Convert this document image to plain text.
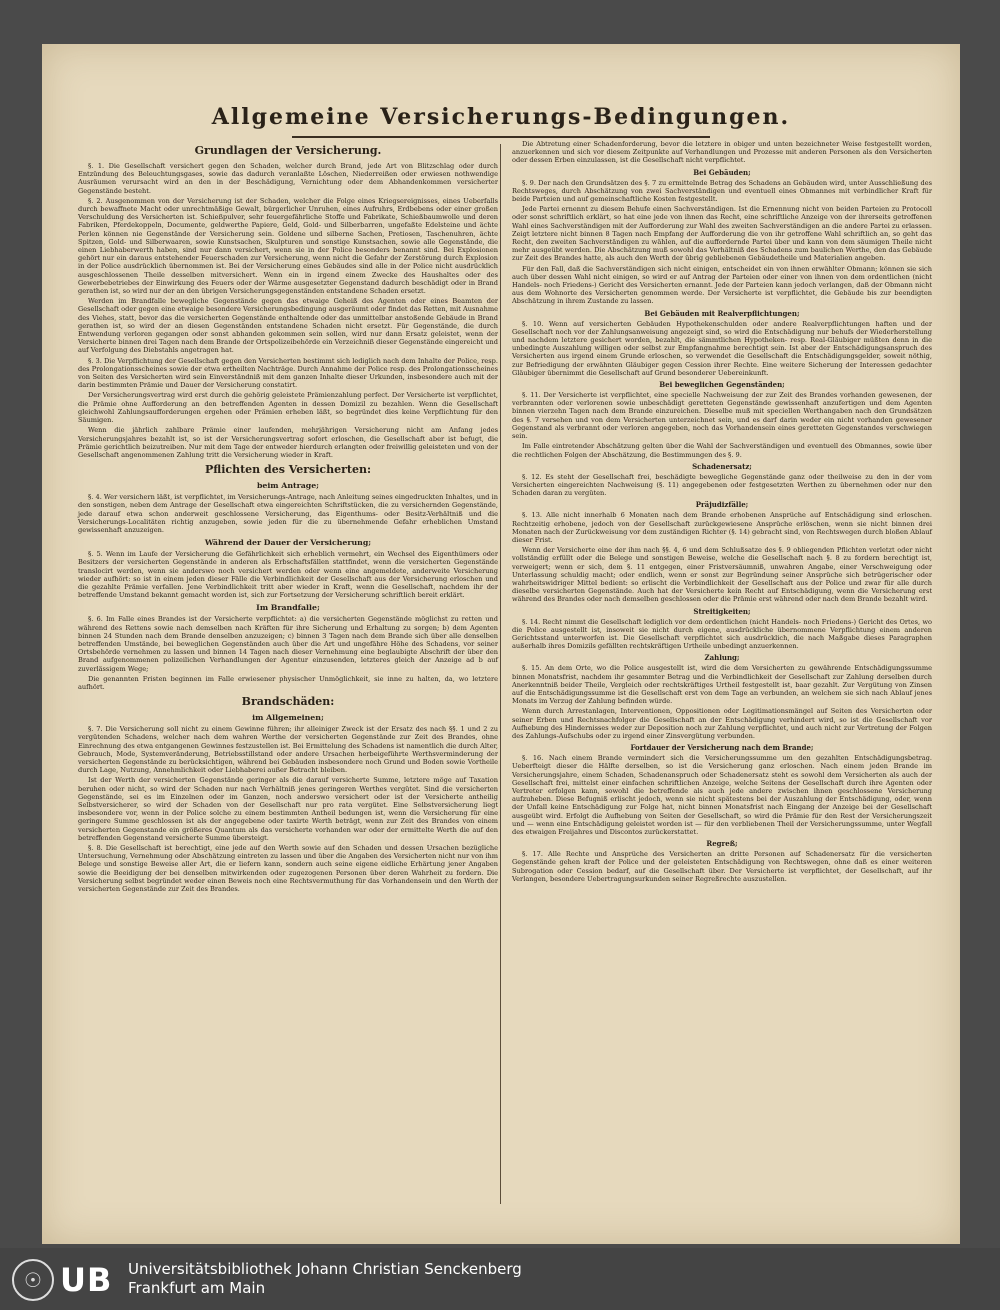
Allgemeine Versicherungs-Bedingungen.
Grundlagen der Versicherung.
§. 1. Die Gesellschaft versichert gegen den Schaden, welcher durch Brand, jede Art von Blitzschlag oder durch Entzündung des Beleuchtungsgases, sowie das dadurch veranlaßte Löschen, Niederreißen oder erwiesen nothwendige Ausräumen verursacht wird an den in der Beschädigung, Vernichtung oder dem Abhandenkommen versicherter Gegenstände besteht.
§. 2. Ausgenommen von der Versicherung ist der Schaden, welcher die Folge eines Kriegsereignisses, eines Ueberfalls durch bewaffnete Macht oder unrechtmäßige Gewalt, bürgerlicher Unruhen, eines Aufruhrs, Erdbebens oder einer großen Verschuldung des Versicherten ist. Schießpulver, sehr feuergefährliche Stoffe und Fabrikate, Schießbaumwolle und deren Fabriken, Pferdekoppeln, Documente, geldwerthe Papiere, Geld, Gold- und Silberbarren, ungefaßte Edelsteine und ächte Perlen können nie Gegenstände der Versicherung sein. Goldene und silberne Sachen, Pretiosen, Taschenuhren, ächte Spitzen, Gold- und Silberwaaren, sowie Kunstsachen, Skulpturen und sonstige Kunstsachen, sowie alle Gegenstände, die einen Liebhaberwerth haben, sind nur dann versichert, wenn sie in der Police besonders benannt sind. Bei Explosionen gehört nur ein daraus entstehender Feuerschaden zur Versicherung, wenn nicht die Gefahr der Zerstörung durch Explosion in der Police ausdrücklich übernommen ist. Bei der Versicherung eines Gebäudes sind alle in der Police nicht ausdrücklich ausgeschlossenen Theile desselben mitversichert. Wenn ein in irgend einem Zwecke des Haushaltes oder des Gewerbebetriebes der Einwirkung des Feuers oder der Wärme ausgesetzter Gegenstand dadurch beschädigt oder in Brand gerathen ist, so wird nur der an den übrigen Versicherungsgegenständen entstandene Schaden ersetzt.
Werden im Brandfalle bewegliche Gegenstände gegen das etwaige Geheiß des Agenten oder eines Beamten der Gesellschaft oder gegen eine etwaige besondere Versicherungsbedingung ausgeräumt oder findet das Retten, mit Ausnahme des Viehes, statt, bevor das die versicherten Gegenstände enthaltende oder das unmittelbar anstoßende Gebäude in Brand gerathen ist, so wird der an diesen Gegenständen entstandene Schaden nicht ersetzt. Für Gegenstände, die durch Entwendung verloren gegangen oder sonst abhanden gekommen sein sollen, wird nur dann Ersatz geleistet, wenn der Versicherte binnen drei Tagen nach dem Brande der Ortspolizeibehörde ein Verzeichniß dieser Gegenstände eingereicht und auf Verfolgung des Diebstahls angetragen hat.
§. 3. Die Verpflichtung der Gesellschaft gegen den Versicherten bestimmt sich lediglich nach dem Inhalte der Police, resp. des Prolongationsscheines sowie der etwa ertheilten Nachträge. Durch Annahme der Police resp. des Prolongationsscheines von Seiten des Versicherten wird sein Einverständniß mit dem ganzen Inhalte dieser Urkunden, insbesondere auch mit der darin bestimmten Prämie und Dauer der Versicherung constatirt.
Der Versicherungsvertrag wird erst durch die gehörig geleistete Prämienzahlung perfect. Der Versicherte ist verpflichtet, die Prämie ohne Aufforderung an den betreffenden Agenten in dessen Domizil zu bezahlen. Wenn die Gesellschaft gleichwohl Zahlungsaufforderungen ergehen oder Prämien erheben läßt, so begründet dies keine Verpflichtung für den Säumigen.
Wenn die jährlich zahlbare Prämie einer laufenden, mehrjährigen Versicherung nicht am Anfang jedes Versicherungsjahres bezahlt ist, so ist der Versicherungsvertrag sofort erloschen, die Gesellschaft aber ist befugt, die Prämie gerichtlich beizutreiben. Nur mit dem Tage der entweder hierdurch erlangten oder freiwillig geleisteten und von der Gesellschaft angenommenen Zahlung tritt die Versicherung wieder in Kraft.
Pflichten des Versicherten:
beim Antrage;
§. 4. Wer versichern läßt, ist verpflichtet, im Versicherungs-Antrage, nach Anleitung seines eingedruckten Inhaltes, und in den sonstigen, neben dem Antrage der Gesellschaft etwa eingereichten Schriftstücken, die zu versichernden Gegenstände, jede darauf etwa schon anderweit geschlossene Versicherung, das Eigenthums- oder Besitz-Verhältniß und die Versicherungs-Localitäten richtig anzugeben, sowie jeden für die zu übernehmende Gefahr erheblichen Umstand gewissenhaft anzuzeigen.
Während der Dauer der Versicherung;
§. 5. Wenn im Laufe der Versicherung die Gefährlichkeit sich erheblich vermehrt, ein Wechsel des Eigenthümers oder Besitzers der versicherten Gegenstände in anderen als Erbschaftsfällen stattfindet, wenn die versicherten Gegenstände translocirt werden, wenn sie anderswo noch versichert werden oder wenn eine angemeldete, anderweite Versicherung wieder aufhört: so ist in einem jeden dieser Fälle die Verbindlichkeit der Gesellschaft aus der Versicherung erloschen und die gezahlte Prämie verfallen. Jene Verbindlichkeit tritt aber wieder in Kraft, wenn die Gesellschaft, nachdem ihr der betreffende Umstand bekannt gemacht worden ist, sich zur Fortsetzung der Versicherung schriftlich bereit erklärt.
Im Brandfalle;
§. 6. Im Falle eines Brandes ist der Versicherte verpflichtet: a) die versicherten Gegenstände möglichst zu retten und während des Rettens sowie nach demselben nach Kräften für ihre Sicherung und Erhaltung zu sorgen; b) dem Agenten binnen 24 Stunden nach dem Brande denselben anzuzeigen; c) binnen 3 Tagen nach dem Brande sich über alle denselben betreffenden Umstände, bei beweglichen Gegenständen auch über die Art und ungefähre Höhe des Schadens, vor seiner Ortsbehörde vernehmen zu lassen und binnen 14 Tagen nach dieser Vernehmung eine beglaubigte Abschrift der über den Brand aufgenommenen polizeilichen Verhandlungen der Agentur einzusenden, letzteres gleich der Anzeige ad b auf zuverlässigem Wege;
Die genannten Fristen beginnen im Falle erwiesener physischer Unmöglichkeit, sie inne zu halten, da, wo letztere aufhört.
Brandschäden:
im Allgemeinen;
§. 7. Die Versicherung soll nicht zu einem Gewinne führen; ihr alleiniger Zweck ist der Ersatz des nach §§. 1 und 2 zu vergütenden Schadens, welcher nach dem wahren Werthe der versicherten Gegenstände zur Zeit des Brandes, ohne Einrechnung des etwa entgangenen Gewinnes festzustellen ist. Bei Ermittelung des Schadens ist namentlich die durch Alter, Gebrauch, Mode, Systemveränderung, Betriebsstillstand oder andere Ursachen herbeigeführte Werthsverminderung der versicherten Gegenstände zu berücksichtigen, während bei Gebäuden insbesondere noch Grund und Boden sowie Vortheile durch Lage, Nutzung, Annehmlichkeit oder Liebhaberei außer Betracht bleiben.
Ist der Werth der versicherten Gegenstände geringer als die darauf versicherte Summe, letztere möge auf Taxation beruhen oder nicht, so wird der Schaden nur nach Verhältniß jenes geringeren Werthes vergütet. Sind die versicherten Gegenstände, sei es im Einzelnen oder im Ganzen, noch anderswo versichert oder ist der Versicherte antheilig Selbstversicherer, so wird der Schaden von der Gesellschaft nur pro rata vergütet. Eine Selbstversicherung liegt insbesondere vor, wenn in der Police solche zu einem bestimmten Antheil bedungen ist, wenn die Versicherung für eine geringere Summe geschlossen ist als der angegebene oder taxirte Werth beträgt, wenn zur Zeit des Brandes von einem versicherten Gegenstande ein größeres Quantum als das versicherte vorhanden war oder der ermittelte Werth die auf den betreffenden Gegenstand versicherte Summe übersteigt.
§. 8. Die Gesellschaft ist berechtigt, eine jede auf den Werth sowie auf den Schaden und dessen Ursachen bezügliche Untersuchung, Vernehmung oder Abschätzung eintreten zu lassen und über die Angaben des Versicherten nicht nur von ihm Belege und sonstige Beweise aller Art, die er liefern kann, sondern auch seine eigene eidliche Erhärtung jener Angaben sowie die Beeidigung der bei denselben mitwirkenden oder zugezogenen Personen über deren Wahrheit zu fordern. Die Versicherung selbst begründet weder einen Beweis noch eine Rechtsvermuthung für das Vorhandensein und den Werth der versicherten Gegenstände zur Zeit des Brandes.
Die Abtretung einer Schadenforderung, bevor die letztere in obiger und unten bezeichneter Weise festgestellt worden, anzuerkennen und sich vor diesem Zeitpunkte auf Verhandlungen und Prozesse mit anderen Personen als den Versicherten oder dessen Erben einzulassen, ist die Gesellschaft nicht verpflichtet.
Bei Gebäuden;
§. 9. Der nach den Grundsätzen des §. 7 zu ermittelnde Betrag des Schadens an Gebäuden wird, unter Ausschließung des Rechtsweges, durch Abschätzung von zwei Sachverständigen und eventuell eines Obmannes mit verbindlicher Kraft für beide Parteien und auf gemeinschaftliche Kosten festgestellt.
Jede Partei ernennt zu diesem Behufe einen Sachverständigen. Ist die Ernennung nicht von beiden Parteien zu Protocoll oder sonst schriftlich erklärt, so hat eine jede von ihnen das Recht, eine schriftliche Anzeige von der ihrerseits getroffenen Wahl eines Sachverständigen mit der Aufforderung zur Wahl des zweiten Sachverständigen an die andere Partei zu erlassen. Zeigt letztere nicht binnen 8 Tagen nach Empfang der Aufforderung die von ihr getroffene Wahl schriftlich an, so geht das Recht, den zweiten Sachverständigen zu wählen, auf die auffordernde Partei über und kann von dem säumigen Theile nicht mehr ausgeübt werden. Die Abschätzung muß sowohl das Verhältniß des Schadens zum baulichen Werthe, den das Gebäude zur Zeit des Brandes hatte, als auch den Werth der übrig gebliebenen Gebäudetheile und Materialien angeben.
Für den Fall, daß die Sachverständigen sich nicht einigen, entscheidet ein von ihnen erwählter Obmann; können sie sich auch über dessen Wahl nicht einigen, so wird er auf Antrag der Parteien oder einer von ihnen von dem ordentlichen (nicht Handels- noch Friedens-) Gericht des Versicherten ernannt. Jede der Parteien kann jedoch verlangen, daß der Obmann nicht aus dem Wohnorte des Versicherten genommen werde. Der Versicherte ist verpflichtet, die Gebäude bis zur beendigten Abschätzung in ihrem Zustande zu lassen.
Bei Gebäuden mit Realverpflichtungen;
§. 10. Wenn auf versicherten Gebäuden Hypothekenschulden oder andere Realverpflichtungen haften und der Gesellschaft noch vor der Zahlungsanweisung angezeigt sind, so wird die Entschädigung nur behufs der Wiederherstellung und nachdem letztere gesichert worden, bezahlt, die sämmtlichen Hypotheken- resp. Real-Gläubiger müßten denn in die unbedingte Auszahlung willigen oder selbst zur Empfangnahme berechtigt sein. Ist aber der Entschädigungsanspruch des Versicherten aus irgend einem Grunde erloschen, so verwendet die Gesellschaft die Entschädigungsgelder, soweit nöthig, zur Befriedigung der erwähnten Gläubiger gegen Cession ihrer Rechte. Eine weitere Sicherung der Interessen gedachter Gläubiger übernimmt die Gesellschaft auf Grund besonderer Uebereinkunft.
Bei beweglichen Gegenständen;
§. 11. Der Versicherte ist verpflichtet, eine specielle Nachweisung der zur Zeit des Brandes vorhanden gewesenen, der verbrannten oder verlorenen sowie unbeschädigt geretteten Gegenstände gewissenhaft anzufertigen und dem Agenten binnen vierzehn Tagen nach dem Brande einzureichen. Dieselbe muß mit speciellen Werthangaben nach den Grundsätzen des §. 7 versehen und von dem Versicherten unterzeichnet sein, und es darf darin weder ein nicht vorhanden gewesener Gegenstand als verbrannt oder verloren angegeben, noch das Vorhandensein eines geretteten Gegenstandes verschwiegen sein.
Im Falle eintretender Abschätzung gelten über die Wahl der Sachverständigen und eventuell des Obmannes, sowie über die rechtlichen Folgen der Abschätzung, die Bestimmungen des §. 9.
Schadenersatz;
§. 12. Es steht der Gesellschaft frei, beschädigte bewegliche Gegenstände ganz oder theilweise zu den in der vom Versicherten eingereichten Nachweisung (§. 11) angegebenen oder festgesetzten Werthen zu übernehmen oder nur den Schaden daran zu vergüten.
Präjudizfälle;
§. 13. Alle nicht innerhalb 6 Monaten nach dem Brande erhobenen Ansprüche auf Entschädigung sind erloschen. Rechtzeitig erhobene, jedoch von der Gesellschaft zurückgewiesene Ansprüche erlöschen, wenn sie nicht binnen drei Monaten nach der Zurückweisung vor dem zuständigen Richter (§. 14) gebracht sind, von Rechtswegen durch bloßen Ablauf dieser Frist.
Wenn der Versicherte eine der ihm nach §§. 4, 6 und dem Schlußsatze des §. 9 obliegenden Pflichten verletzt oder nicht vollständig erfüllt oder die Belege und sonstigen Beweise, welche die Gesellschaft nach §. 8 zu fordern berechtigt ist, verweigert; wenn er sich, dem §. 11 entgegen, einer Fristversäumniß, unwahren Angabe, einer Verschweigung oder Unterlassung schuldig macht; oder endlich, wenn er sonst zur Begründung seiner Ansprüche sich betrügerischer oder wahrheitswidriger Mittel bedient: so erlischt die Verbindlichkeit der Gesellschaft aus der Police und zwar für alle durch dieselbe versicherten Gegenstände. Auch hat der Versicherte kein Recht auf Entschädigung, wenn die Versicherung erst während des Brandes oder nach demselben geschlossen oder die Prämie erst während oder nach dem Brande bezahlt wird.
Streitigkeiten;
§. 14. Recht nimmt die Gesellschaft lediglich vor dem ordentlichen (nicht Handels- noch Friedens-) Gericht des Ortes, wo die Police ausgestellt ist, insoweit sie nicht durch eigene, ausdrückliche übernommene Verpflichtung einem anderen Gerichtsstand unterworfen ist. Die Gesellschaft verpflichtet sich ausdrücklich, die nach Maßgabe dieses Paragraphen außerhalb ihres Domizils gefällten rechtskräftigen Urtheile unbedingt anzuerkennen.
Zahlung;
§. 15. An dem Orte, wo die Police ausgestellt ist, wird die dem Versicherten zu gewährende Entschädigungssumme binnen Monatsfrist, nachdem ihr gesammter Betrag und die Verbindlichkeit der Gesellschaft zur Zahlung derselben durch Anerkenntniß beider Theile, Vergleich oder rechtskräftiges Urtheil festgestellt ist, baar gezahlt. Zur Vergütung von Zinsen auf die Entschädigungssumme ist die Gesellschaft erst von dem Tage an verbunden, an welchem sie sich nach Ablauf jenes Monats im Verzug der Zahlung befinden würde.
Wenn durch Arrestanlagen, Interventionen, Oppositionen oder Legitimationsmängel auf Seiten des Versicherten oder seiner Erben und Rechtsnachfolger die Gesellschaft an der Entschädigung verhindert wird, so ist die Gesellschaft vor Aufhebung des Hindernisses weder zur Deposition noch zur Zahlung verpflichtet, und auch nicht zur Vertretung der Folgen des Zahlungs-Aufschubs oder zu irgend einer Zinsvergütung verbunden.
Fortdauer der Versicherung nach dem Brande;
§. 16. Nach einem Brande vermindert sich die Versicherungssumme um den gezahlten Entschädigungsbetrag. Ueberfteigt dieser die Hälfte derselben, so ist die Versicherung ganz erloschen. Nach einem jeden Brande im Versicherungsjahre, einem Schaden, Schadenanspruch oder Schadenersatz steht es sowohl dem Versicherten als auch der Gesellschaft frei, mittelst einer einfachen schriftlichen Anzeige, welche Seitens der Gesellschaft durch ihre Agenten oder Vertreter erfolgen kann, sowohl die betreffende als auch jede andere zwischen ihnen geschlossene Versicherung aufzuheben. Diese Befugniß erlischt jedoch, wenn sie nicht spätestens bei der Auszahlung der Entschädigung, oder, wenn der Unfall keine Entschädigung zur Folge hat, nicht binnen Monatsfrist nach Eingang der Anzeige bei der Gesellschaft ausgeübt wird. Erfolgt die Aufhebung von Seiten der Gesellschaft, so wird die Prämie für den Rest der Versicherungszeit und — wenn eine Entschädigung geleistet worden ist — für den verbliebenen Theil der Versicherungssumme, unter Wegfall des etwaigen Freijahres und Discontos zurückerstattet.
Regreß;
§. 17. Alle Rechte und Ansprüche des Versicherten an dritte Personen auf Schadenersatz für die versicherten Gegenstände gehen kraft der Police und der geleisteten Entschädigung von Rechtswegen, ohne daß es einer weiteren Subrogation oder Cession bedarf, auf die Gesellschaft über. Der Versicherte ist verpflichtet, der Gesellschaft, auf ihr Verlangen, besondere Uebertragungsurkunden seiner Regreßrechte auszustellen.
☉ UB Universitätsbibliothek Johann Christian Senckenberg
Frankfurt am Main
